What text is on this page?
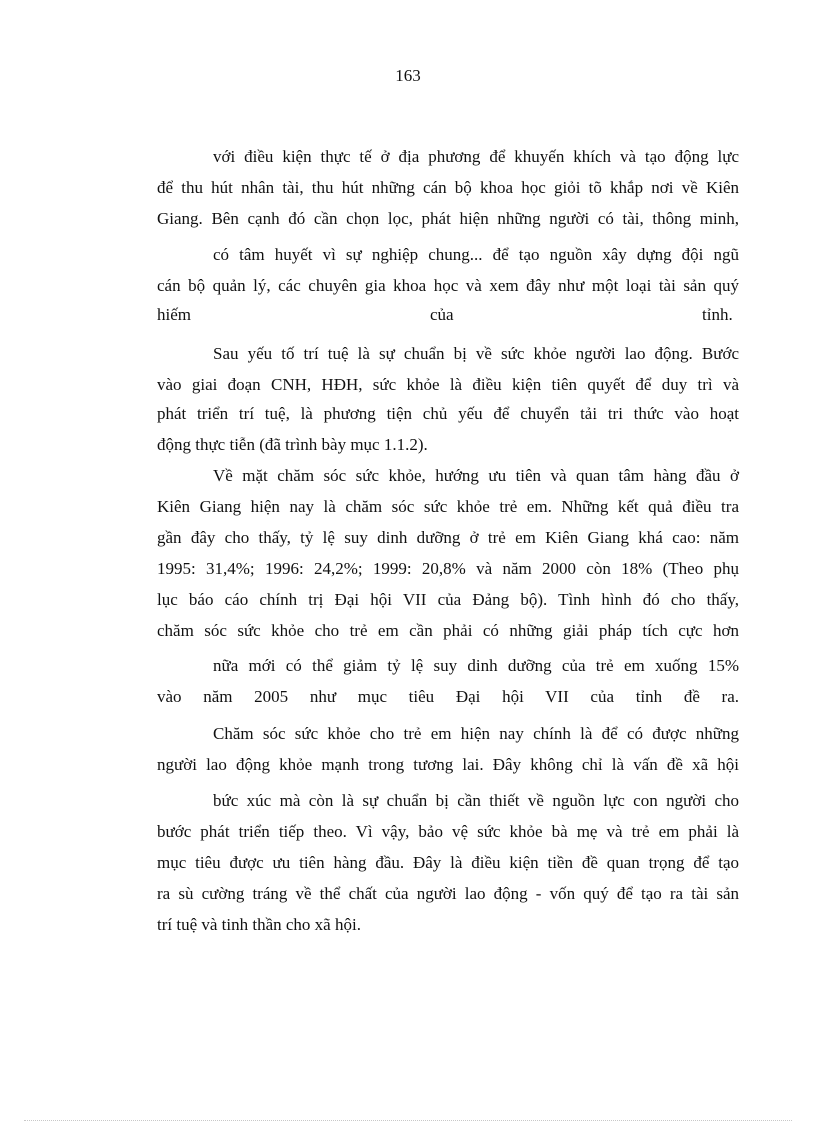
163
với điều kiện thực tế ở địa phương để khuyến khích và tạo động lực
để thu hút nhân tài, thu hút những cán bộ khoa học giỏi tõ khắp nơi về Kiên
Giang. Bên cạnh đó cần chọn lọc, phát hiện những người có tài, thông minh,
có tâm huyết vì sự nghiệp chung... để tạo nguồn xây dựng đội ngũ
cán bộ quản lý, các chuyên gia khoa học và xem đây như một loại tài sản quý
hiếm	của	tỉnh.
Sau yếu tố trí tuệ là sự chuẩn bị về sức khỏe người lao động. Bước
vào giai đoạn CNH, HĐH, sức khỏe là điều kiện tiên quyết để duy trì và
phát triển trí tuệ, là phương tiện chủ yếu để chuyển tải tri thức vào hoạt
động thực tiễn (đã trình bày mục 1.1.2).
Về mặt chăm sóc sức khỏe, hướng ưu tiên và quan tâm hàng đầu ở
Kiên Giang hiện nay là chăm sóc sức khỏe trẻ em. Những kết quả điều tra
gần đây cho thấy, tỷ lệ suy dinh dưỡng ở trẻ em Kiên Giang khá cao: năm
1995: 31,4%; 1996: 24,2%; 1999: 20,8% và năm 2000 còn 18% (Theo phụ
lục báo cáo chính trị Đại hội VII của Đảng bộ). Tình hình đó cho thấy,
chăm sóc sức khỏe cho trẻ em cần phải có những giải pháp tích cực hơn
nữa mới có thể giảm tỷ lệ suy dinh dưỡng của trẻ em xuống 15%
vào năm 2005 như mục tiêu Đại hội VII của tỉnh đề ra.
Chăm sóc sức khỏe cho trẻ em hiện nay chính là để có được những
người lao động khỏe mạnh trong tương lai. Đây không chỉ là vấn đề xã hội
bức xúc mà còn là sự chuẩn bị cần thiết về nguồn lực con người cho
bước phát triển tiếp theo. Vì vậy, bảo vệ sức khỏe bà mẹ và trẻ em phải là
mục tiêu được ưu tiên hàng đầu. Đây là điều kiện tiền đề quan trọng để tạo
ra sù cường tráng về thể chất của người lao động - vốn quý để tạo ra tài sản
trí tuệ và tinh thần cho xã hội.
